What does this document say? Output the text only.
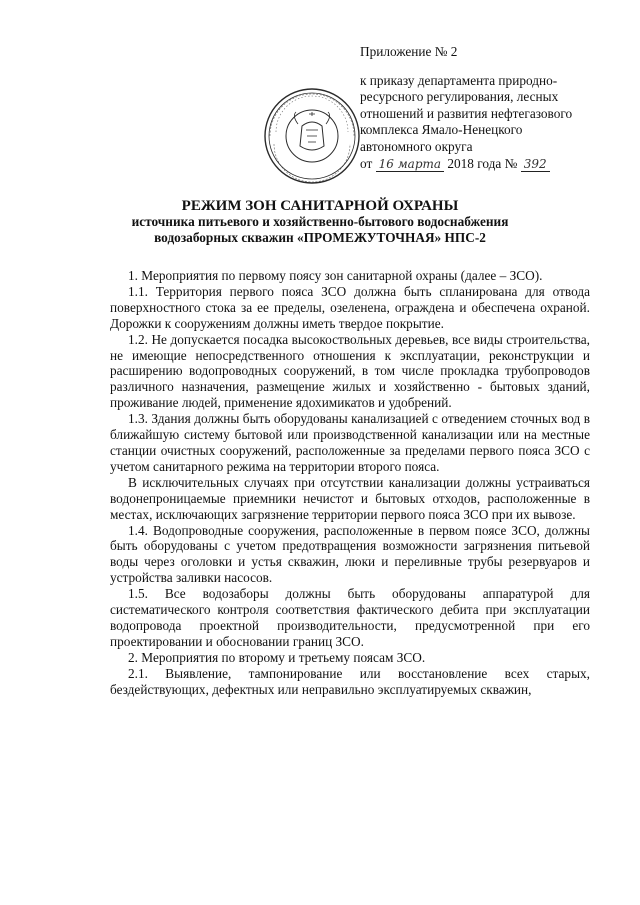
Приложение № 2
к приказу департамента природно-
ресурсного регулирования, лесных
отношений и развития нефтегазового
комплекса Ямало-Ненецкого
автономного округа
от 16 марта 2018 года № 392
РЕЖИМ ЗОН САНИТАРНОЙ ОХРАНЫ
источника питьевого и хозяйственно-бытового водоснабжения
водозаборных скважин «ПРОМЕЖУТОЧНАЯ» НПС-2

1. Мероприятия по первому поясу зон санитарной охраны (далее – ЗСО).

1.1. Территория первого пояса ЗСО должна быть спланирована для отвода поверхностного стока за ее пределы, озеленена, ограждена и обеспечена охраной. Дорожки к сооружениям должны иметь твердое покрытие.

1.2. Не допускается посадка высокоствольных деревьев, все виды строительства, не имеющие непосредственного отношения к эксплуатации, реконструкции и расширению водопроводных сооружений, в том числе прокладка трубопроводов различного назначения, размещение жилых и хозяйственно - бытовых зданий, проживание людей, применение ядохимикатов и удобрений.

1.3. Здания должны быть оборудованы канализацией с отведением сточных вод в ближайшую систему бытовой или производственной канализации или на местные станции очистных сооружений, расположенные за пределами первого пояса ЗСО с учетом санитарного режима на территории второго пояса.

В исключительных случаях при отсутствии канализации должны устраиваться водонепроницаемые приемники нечистот и бытовых отходов, расположенные в местах, исключающих загрязнение территории первого пояса ЗСО при их вывозе.

1.4. Водопроводные сооружения, расположенные в первом поясе ЗСО, должны быть оборудованы с учетом предотвращения возможности загрязнения питьевой воды через оголовки и устья скважин, люки и переливные трубы резервуаров и устройства заливки насосов.

1.5. Все водозаборы должны быть оборудованы аппаратурой для систематического контроля соответствия фактического дебита при эксплуатации водопровода проектной производительности, предусмотренной при его проектировании и обосновании границ ЗСО.

2. Мероприятия по второму и третьему поясам ЗСО.

2.1. Выявление, тампонирование или восстановление всех старых, бездействующих, дефектных или неправильно эксплуатируемых скважин,
